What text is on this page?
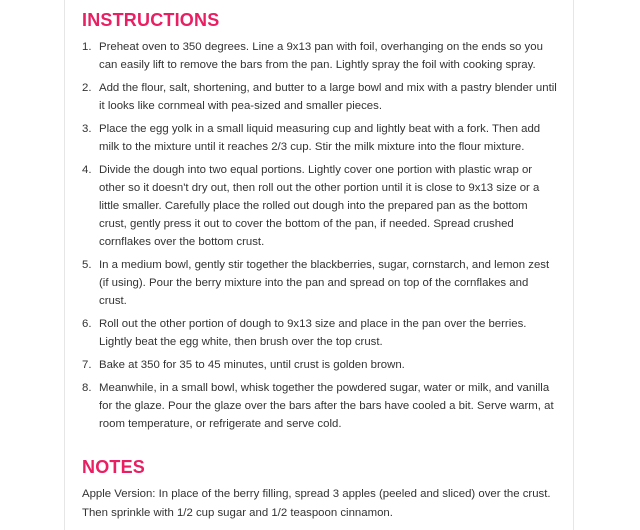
INSTRUCTIONS
1. Preheat oven to 350 degrees. Line a 9x13 pan with foil, overhanging on the ends so you can easily lift to remove the bars from the pan. Lightly spray the foil with cooking spray.
2. Add the flour, salt, shortening, and butter to a large bowl and mix with a pastry blender until it looks like cornmeal with pea-sized and smaller pieces.
3. Place the egg yolk in a small liquid measuring cup and lightly beat with a fork. Then add milk to the mixture until it reaches 2/3 cup. Stir the milk mixture into the flour mixture.
4. Divide the dough into two equal portions. Lightly cover one portion with plastic wrap or other so it doesn't dry out, then roll out the other portion until it is close to 9x13 size or a little smaller. Carefully place the rolled out dough into the prepared pan as the bottom crust, gently press it out to cover the bottom of the pan, if needed. Spread crushed cornflakes over the bottom crust.
5. In a medium bowl, gently stir together the blackberries, sugar, cornstarch, and lemon zest (if using). Pour the berry mixture into the pan and spread on top of the cornflakes and crust.
6. Roll out the other portion of dough to 9x13 size and place in the pan over the berries. Lightly beat the egg white, then brush over the top crust.
7. Bake at 350 for 35 to 45 minutes, until crust is golden brown.
8. Meanwhile, in a small bowl, whisk together the powdered sugar, water or milk, and vanilla for the glaze. Pour the glaze over the bars after the bars have cooled a bit. Serve warm, at room temperature, or refrigerate and serve cold.
NOTES

Apple Version: In place of the berry filling, spread 3 apples (peeled and sliced) over the crust. Then sprinkle with 1/2 cup sugar and 1/2 teaspoon cinnamon.
